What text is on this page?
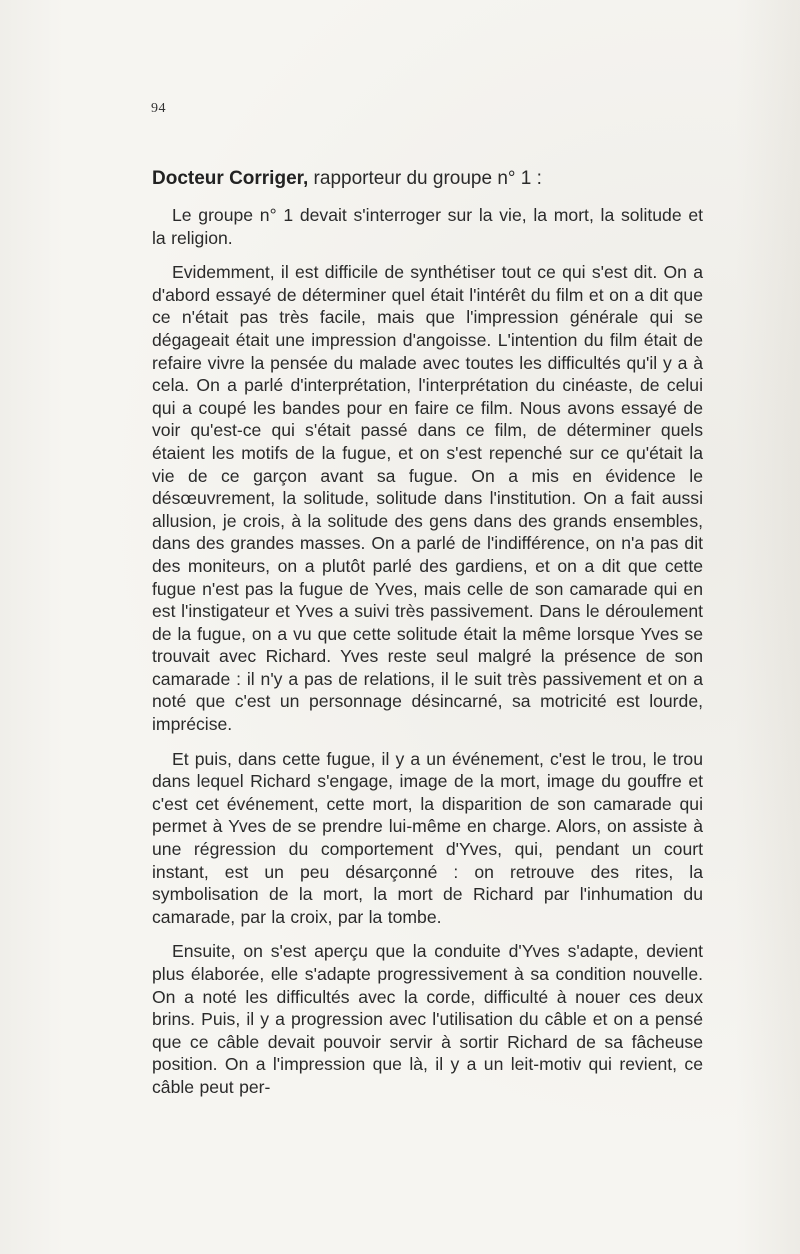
94

Docteur Corriger, rapporteur du groupe n° 1 :

Le groupe n° 1 devait s'interroger sur la vie, la mort, la solitude et la religion.

Evidemment, il est difficile de synthétiser tout ce qui s'est dit. On a d'abord essayé de déterminer quel était l'intérêt du film et on a dit que ce n'était pas très facile, mais que l'impression générale qui se dégageait était une impression d'angoisse. L'intention du film était de refaire vivre la pensée du malade avec toutes les difficultés qu'il y a à cela. On a parlé d'interprétation, l'interprétation du cinéaste, de celui qui a coupé les bandes pour en faire ce film. Nous avons essayé de voir qu'est-ce qui s'était passé dans ce film, de déterminer quels étaient les motifs de la fugue, et on s'est repenché sur ce qu'était la vie de ce garçon avant sa fugue. On a mis en évidence le désœuvrement, la solitude, solitude dans l'institution. On a fait aussi allusion, je crois, à la solitude des gens dans des grands ensembles, dans des grandes masses. On a parlé de l'indifférence, on n'a pas dit des moniteurs, on a plutôt parlé des gardiens, et on a dit que cette fugue n'est pas la fugue de Yves, mais celle de son camarade qui en est l'instigateur et Yves a suivi très passivement. Dans le déroulement de la fugue, on a vu que cette solitude était la même lorsque Yves se trouvait avec Richard. Yves reste seul malgré la présence de son camarade : il n'y a pas de relations, il le suit très passivement et on a noté que c'est un personnage désincarné, sa motricité est lourde, imprécise.

Et puis, dans cette fugue, il y a un événement, c'est le trou, le trou dans lequel Richard s'engage, image de la mort, image du gouffre et c'est cet événement, cette mort, la disparition de son camarade qui permet à Yves de se prendre lui-même en charge. Alors, on assiste à une régression du comportement d'Yves, qui, pendant un court instant, est un peu désarçonné : on retrouve des rites, la symbolisation de la mort, la mort de Richard par l'inhumation du camarade, par la croix, par la tombe.

Ensuite, on s'est aperçu que la conduite d'Yves s'adapte, devient plus élaborée, elle s'adapte progressivement à sa condition nouvelle. On a noté les difficultés avec la corde, difficulté à nouer ces deux brins. Puis, il y a progression avec l'utilisation du câble et on a pensé que ce câble devait pouvoir servir à sortir Richard de sa fâcheuse position. On a l'impression que là, il y a un leit-motiv qui revient, ce câble peut per-
